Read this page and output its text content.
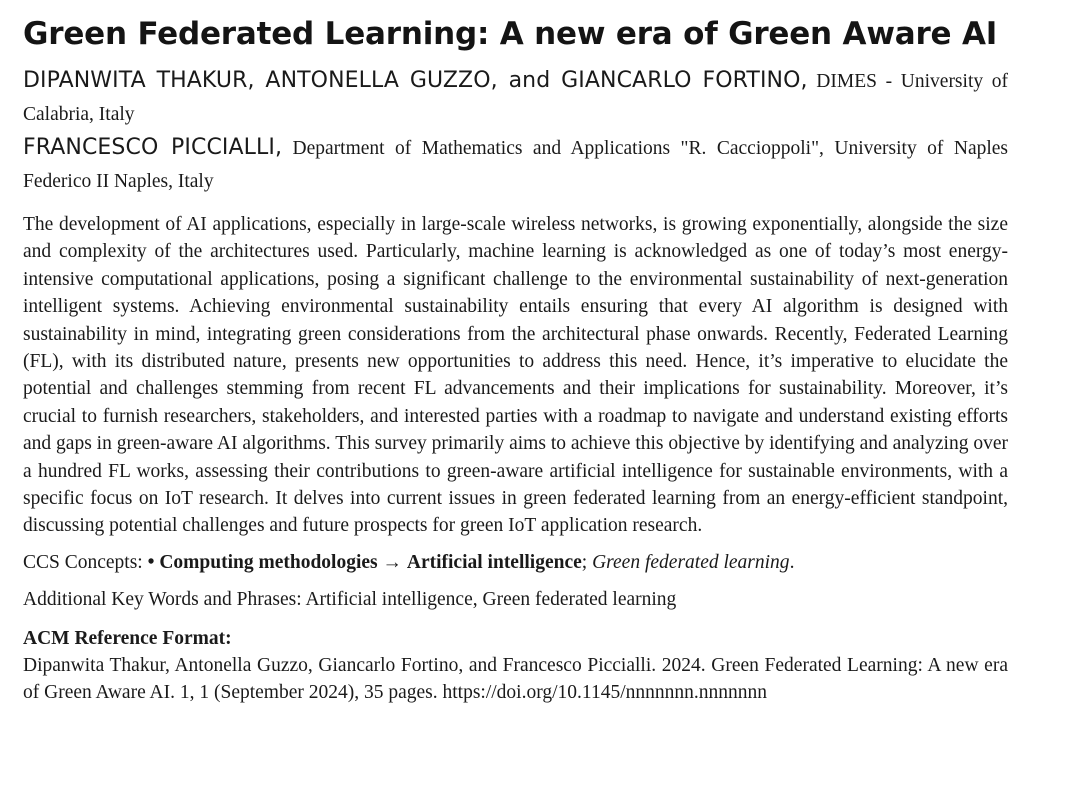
Green Federated Learning: A new era of Green Aware AI
DIPANWITA THAKUR, ANTONELLA GUZZO, and GIANCARLO FORTINO, DIMES - University of Calabria, Italy
FRANCESCO PICCIALLI, Department of Mathematics and Applications "R. Caccioppoli", University of Naples Federico II Naples, Italy

The development of AI applications, especially in large-scale wireless networks, is growing exponentially, alongside the size and complexity of the architectures used. Particularly, machine learning is acknowledged as one of today’s most energy-intensive computational applications, posing a significant challenge to the environmental sustainability of next-generation intelligent systems. Achieving environmental sustainability entails ensuring that every AI algorithm is designed with sustainability in mind, integrating green considerations from the architectural phase onwards. Recently, Federated Learning (FL), with its distributed nature, presents new opportunities to address this need. Hence, it’s imperative to elucidate the potential and challenges stemming from recent FL advancements and their implications for sustainability. Moreover, it’s crucial to furnish researchers, stakeholders, and interested parties with a roadmap to navigate and understand existing efforts and gaps in green-aware AI algorithms. This survey primarily aims to achieve this objective by identifying and analyzing over a hundred FL works, assessing their contributions to green-aware artificial intelligence for sustainable environments, with a specific focus on IoT research. It delves into current issues in green federated learning from an energy-efficient standpoint, discussing potential challenges and future prospects for green IoT application research.

CCS Concepts: • Computing methodologies → Artificial intelligence; Green federated learning.
Additional Key Words and Phrases: Artificial intelligence, Green federated learning
ACM Reference Format:
Dipanwita Thakur, Antonella Guzzo, Giancarlo Fortino, and Francesco Piccialli. 2024. Green Federated Learning: A new era of Green Aware AI. 1, 1 (September 2024), 35 pages. https://doi.org/10.1145/nnnnnnn.nnnnnnn
